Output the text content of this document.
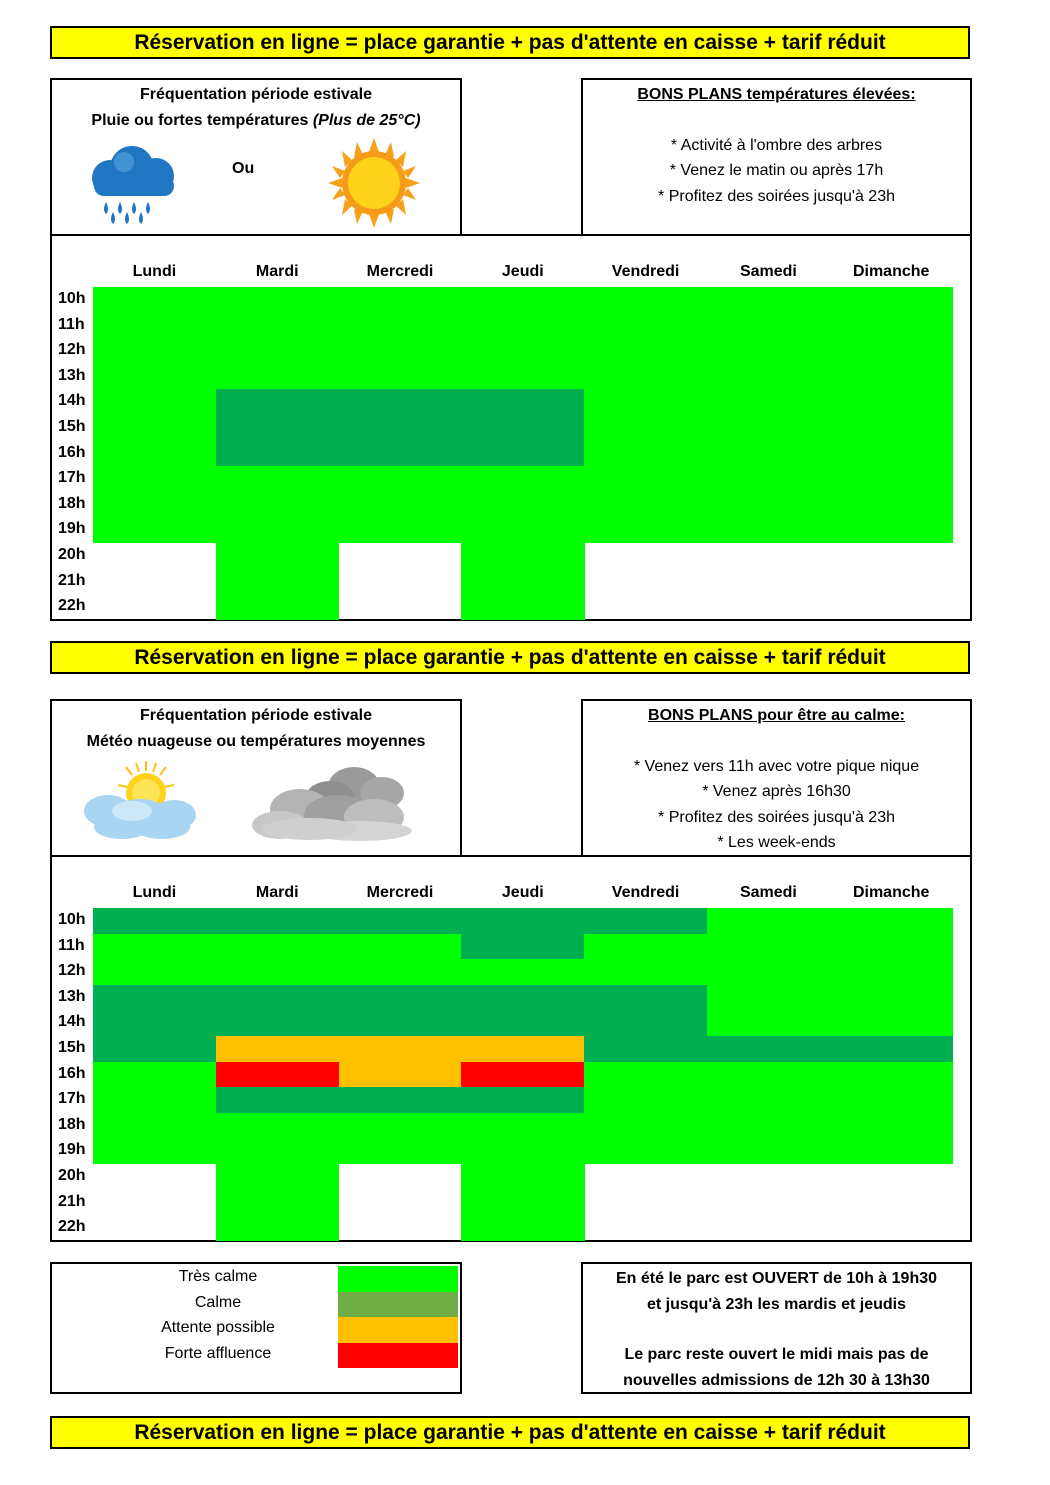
Réservation en ligne = place garantie + pas d'attente en caisse + tarif réduit
Fréquentation période estivale
Pluie ou fortes températures (Plus de 25°C)
Ou
BONS PLANS températures élevées:
* Activité à l'ombre des arbres
* Venez le matin ou après 17h
* Profitez des soirées jusqu'à 23h
Lundi	Mardi	Mercredi	Jeudi	Vendredi	Samedi	Dimanche
10h
11h
12h
13h
14h
15h
16h
17h
18h
19h
20h
21h
22h
Réservation en ligne = place garantie + pas d'attente en caisse + tarif réduit
Fréquentation période estivale
Météo nuageuse ou températures moyennes
BONS PLANS pour être au calme:
* Venez vers 11h avec votre pique nique
* Venez après 16h30
* Profitez des soirées jusqu'à 23h
* Les week-ends
Lundi	Mardi	Mercredi	Jeudi	Vendredi	Samedi	Dimanche
10h
11h
12h
13h
14h
15h
16h
17h
18h
19h
20h
21h
22h
Très calme
Calme
Attente possible
Forte affluence
En été le parc est OUVERT de 10h à 19h30
et jusqu'à 23h les mardis et jeudis
Le parc reste ouvert le midi mais pas de
nouvelles admissions de 12h 30 à 13h30
Réservation en ligne = place garantie + pas d'attente en caisse + tarif réduit
